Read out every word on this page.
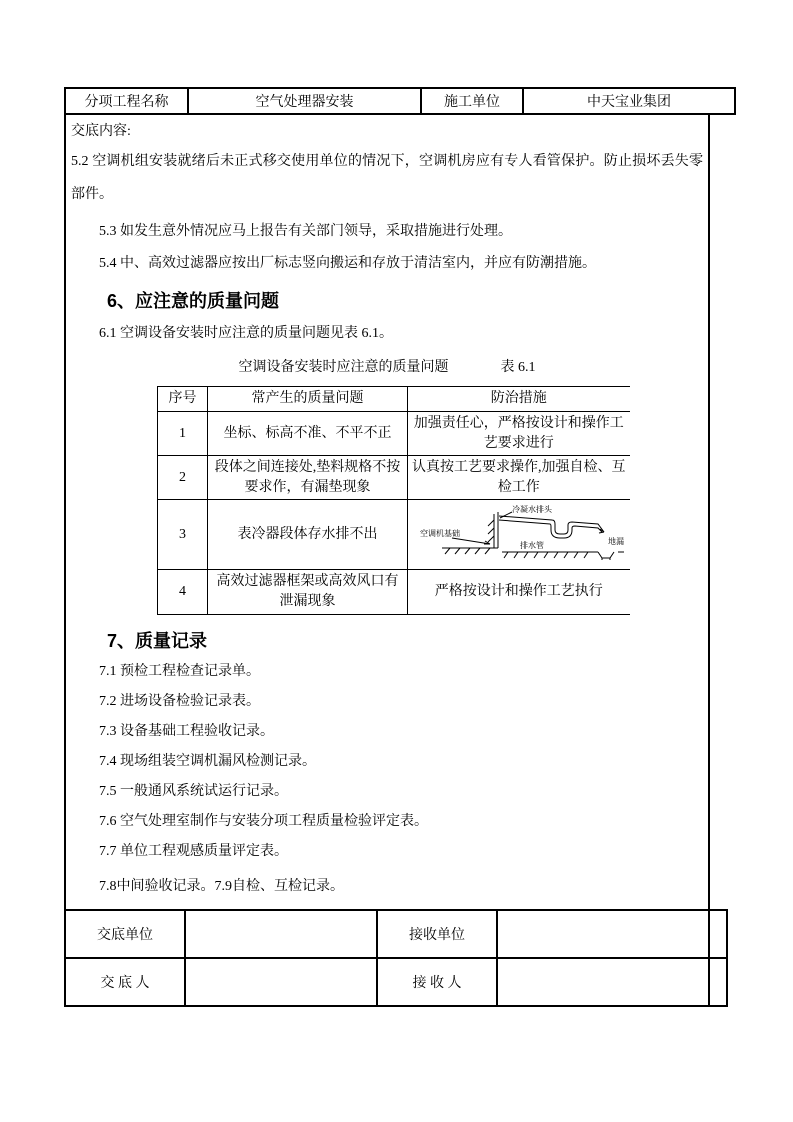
分项工程名称	空气处理器安装	施工单位	中天宝业集团
交底内容:
5.2 空调机组安装就绪后未正式移交使用单位的情况下，空调机房应有专人看管保护。防止损坏丢失零部件。
5.3 如发生意外情况应马上报告有关部门领导，采取措施进行处理。
5.4 中、高效过滤器应按出厂标志竖向搬运和存放于清洁室内，并应有防潮措施。
6、应注意的质量问题
6.1 空调设备安装时应注意的质量问题见表 6.1。
空调设备安装时应注意的质量问题	表 6.1
序号	常产生的质量问题	防治措施
1	坐标、标高不准、不平不正	加强责任心，严格按设计和操作工艺要求进行
2	段体之间连接处,垫料规格不按要求作，有漏垫现象	认真按工艺要求操作,加强自检、互检工作
3	表冷器段体存水排不出	空调机基础
冷凝水排头
排水管 地漏

4	高效过滤器框架或高效风口有泄漏现象	严格按设计和操作工艺执行
7、质量记录
7.1 预检工程检查记录单。
7.2 进场设备检验记录表。
7.3 设备基础工程验收记录。
7.4 现场组装空调机漏风检测记录。
7.5 一般通风系统试运行记录。
7.6 空气处理室制作与安装分项工程质量检验评定表。
7.7 单位工程观感质量评定表。
7.8中间验收记录。7.9自检、互检记录。
交底单位		接收单位	
交 底 人		接 收 人	
